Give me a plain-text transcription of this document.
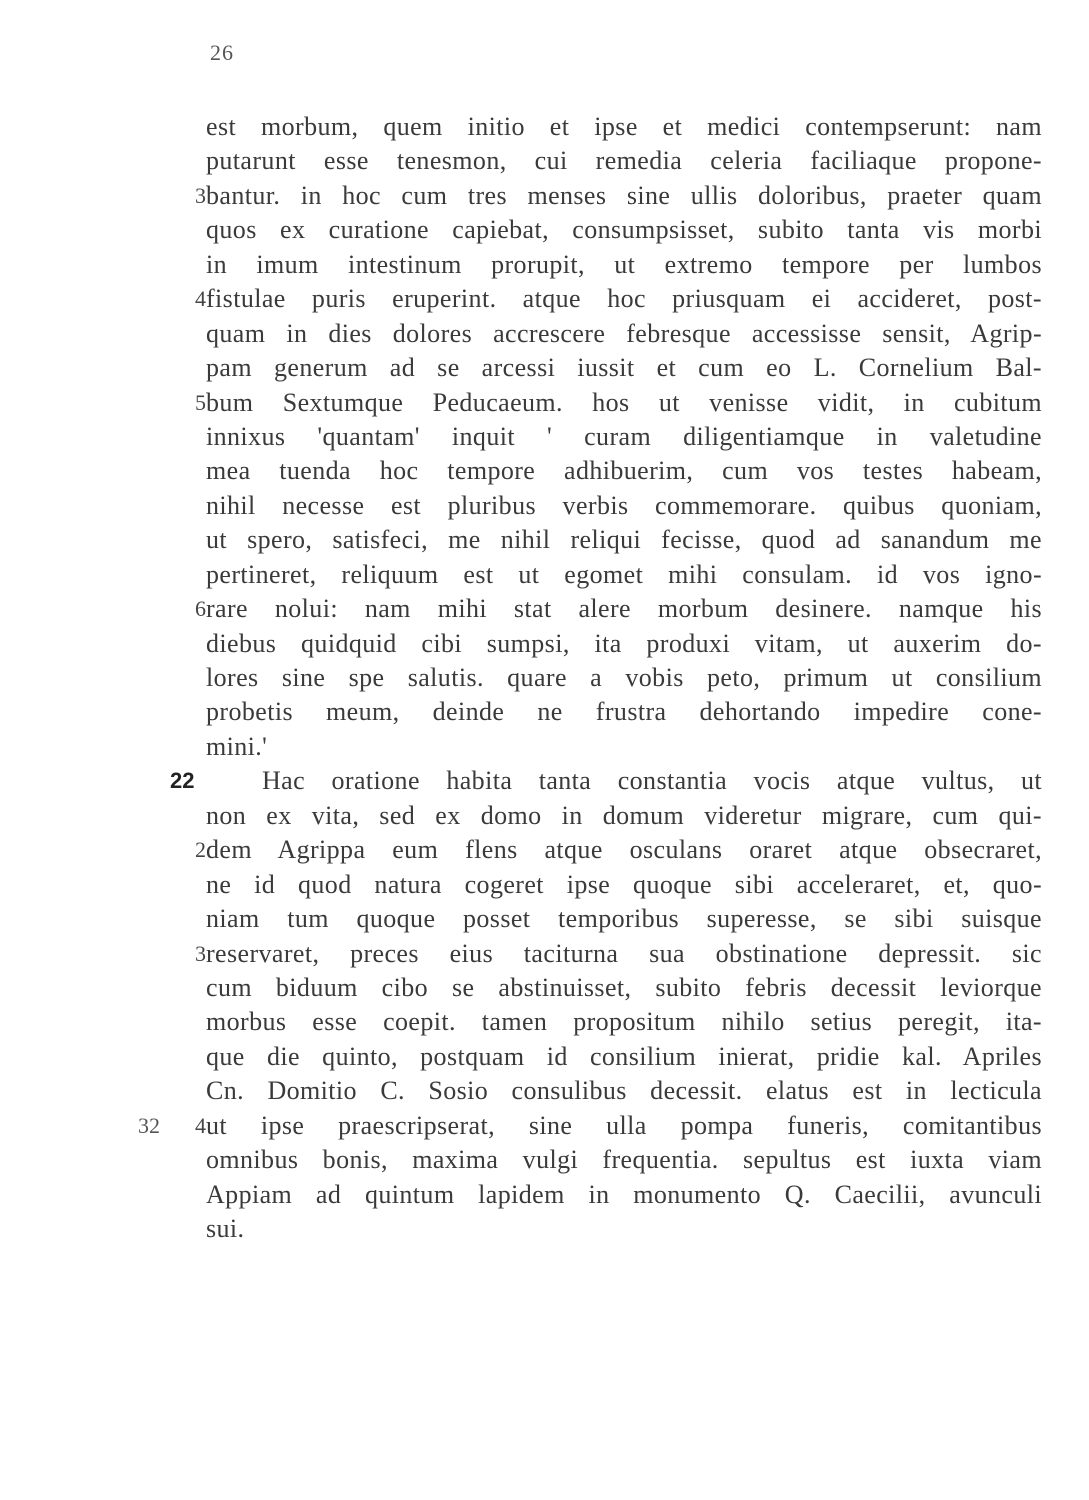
26
est morbum, quem initio et ipse et medici contempserunt: nam
putarunt esse tenesmon, cui remedia celeria faciliaque propone-
3 bantur. in hoc cum tres menses sine ullis doloribus, praeter quam
quos ex curatione capiebat, consumpsisset, subito tanta vis morbi
in imum intestinum prorupit, ut extremo tempore per lumbos
4 fistulae puris eruperint. atque hoc priusquam ei accideret, post-
quam in dies dolores accrescere febresque accessisse sensit, Agrip-
pam generum ad se arcessi iussit et cum eo L. Cornelium Bal-
5 bum Sextumque Peducaeum. hos ut venisse vidit, in cubitum
innixus 'quantam' inquit ' curam diligentiamque in valetudine
mea tuenda hoc tempore adhibuerim, cum vos testes habeam,
nihil necesse est pluribus verbis commemorare. quibus quoniam,
ut spero, satisfeci, me nihil reliqui fecisse, quod ad sanandum me
pertineret, reliquum est ut egomet mihi consulam. id vos igno-
6 rare nolui: nam mihi stat alere morbum desinere. namque his
diebus quidquid cibi sumpsi, ita produxi vitam, ut auxerim do-
lores sine spe salutis. quare a vobis peto, primum ut consilium
probetis meum, deinde ne frustra dehortando impedire cone-
mini.'
22	Hac oratione habita tanta constantia vocis atque vultus, ut
non ex vita, sed ex domo in domum videretur migrare, cum qui-
2 dem Agrippa eum flens atque osculans oraret atque obsecraret,
ne id quod natura cogeret ipse quoque sibi acceleraret, et, quo-
niam tum quoque posset temporibus superesse, se sibi suisque
3 reservaret, preces eius taciturna sua obstinatione depressit. sic
cum biduum cibo se abstinuisset, subito febris decessit leviorque
morbus esse coepit. tamen propositum nihilo setius peregit, ita-
que die quinto, postquam id consilium inierat, pridie kal. Apriles
Cn. Domitio C. Sosio consulibus decessit. elatus est in lecticula
32 4 ut ipse praescripserat, sine ulla pompa funeris, comitantibus
omnibus bonis, maxima vulgi frequentia. sepultus est iuxta viam
Appiam ad quintum lapidem in monumento Q. Caecilii, avunculi
sui.
